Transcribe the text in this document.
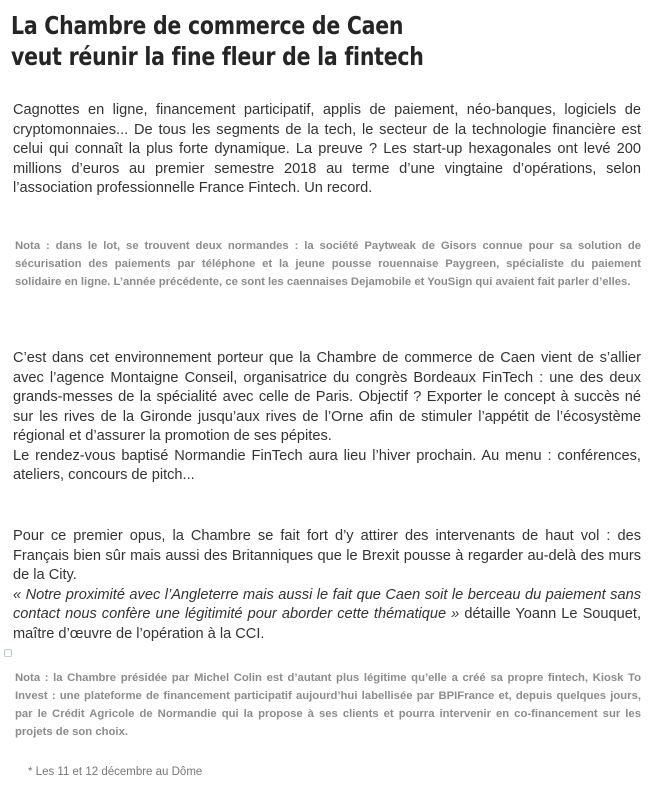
La Chambre de commerce de Caen
veut réunir la fine fleur de la fintech

Cagnottes en ligne, financement participatif, applis de paiement, néo-banques, logiciels de cryptomonnaies... De tous les segments de la tech, le secteur de la technologie financière est celui qui connaît la plus forte dynamique. La preuve ? Les start-up hexagonales ont levé 200 millions d’euros au premier semestre 2018 au terme d’une vingtaine d’opérations, selon l’association professionnelle France Fintech. Un record.

Nota : dans le lot, se trouvent deux normandes : la société Paytweak de Gisors connue pour sa solution de sécurisation des paiements par téléphone et la jeune pousse rouennaise Paygreen, spécialiste du paiement solidaire en ligne. L’année précédente, ce sont les caennaises Dejamobile et YouSign qui avaient fait parler d’elles.

C’est dans cet environnement porteur que la Chambre de commerce de Caen vient de s’allier avec l’agence Montaigne Conseil, organisatrice du congrès Bordeaux FinTech : une des deux grands-messes de la spécialité avec celle de Paris. Objectif ? Exporter le concept à succès né sur les rives de la Gironde jusqu’aux rives de l’Orne afin de stimuler l’appétit de l’écosystème régional et d’assurer la promotion de ses pépites.

Le rendez-vous baptisé Normandie FinTech aura lieu l’hiver prochain. Au menu : conférences, ateliers, concours de pitch...

Pour ce premier opus, la Chambre se fait fort d’y attirer des intervenants de haut vol : des Français bien sûr mais aussi des Britanniques que le Brexit pousse à regarder au-delà des murs de la City.

« Notre proximité avec l’Angleterre mais aussi le fait que Caen soit le berceau du paiement sans contact nous confère une légitimité pour aborder cette thématique » détaille Yoann Le Souquet, maître d’œuvre de l’opération à la CCI.

Nota : la Chambre présidée par Michel Colin est d’autant plus légitime qu’elle a créé sa propre fintech, Kiosk To Invest : une plateforme de financement participatif aujourd’hui labellisée par BPIFrance et, depuis quelques jours, par le Crédit Agricole de Normandie qui la propose à ses clients et pourra intervenir en co-financement sur les projets de son choix.

* Les 11 et 12 décembre au Dôme
